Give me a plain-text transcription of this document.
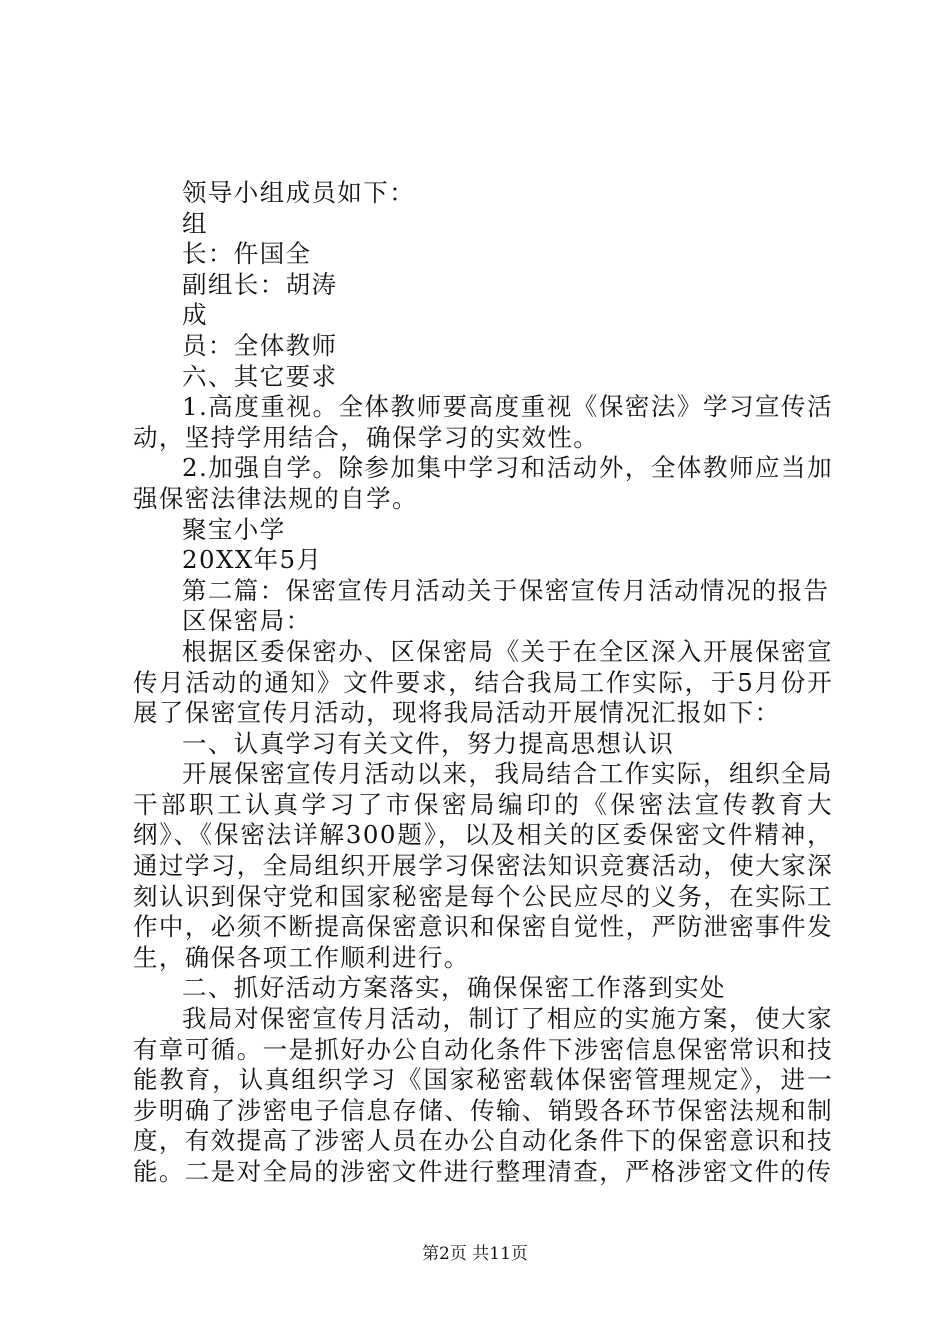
领导小组成员如下：

组

长：仵国全

副组长：胡涛

成

员：全体教师

六、其它要求

1.高度重视。全体教师要高度重视《保密法》学习宣传活动，坚持学用结合，确保学习的实效性。

2.加强自学。除参加集中学习和活动外，全体教师应当加强保密法律法规的自学。

聚宝小学

20XX年5月

第二篇：保密宣传月活动关于保密宣传月活动情况的报告

区保密局：

根据区委保密办、区保密局《关于在全区深入开展保密宣传月活动的通知》文件要求，结合我局工作实际，于5月份开展了保密宣传月活动，现将我局活动开展情况汇报如下：

一、认真学习有关文件，努力提高思想认识

开展保密宣传月活动以来，我局结合工作实际，组织全局干部职工认真学习了市保密局编印的《保密法宣传教育大纲》、《保密法详解300题》，以及相关的区委保密文件精神，通过学习，全局组织开展学习保密法知识竞赛活动，使大家深刻认识到保守党和国家秘密是每个公民应尽的义务，在实际工作中，必须不断提高保密意识和保密自觉性，严防泄密事件发生，确保各项工作顺利进行。

二、抓好活动方案落实，确保保密工作落到实处

我局对保密宣传月活动，制订了相应的实施方案，使大家有章可循。一是抓好办公自动化条件下涉密信息保密常识和技能教育，认真组织学习《国家秘密载体保密管理规定》，进一步明确了涉密电子信息存储、传输、销毁各环节保密法规和制度，有效提高了涉密人员在办公自动化条件下的保密意识和技能。二是对全局的涉密文件进行整理清查，严格涉密文件的传

第2页 共11页
